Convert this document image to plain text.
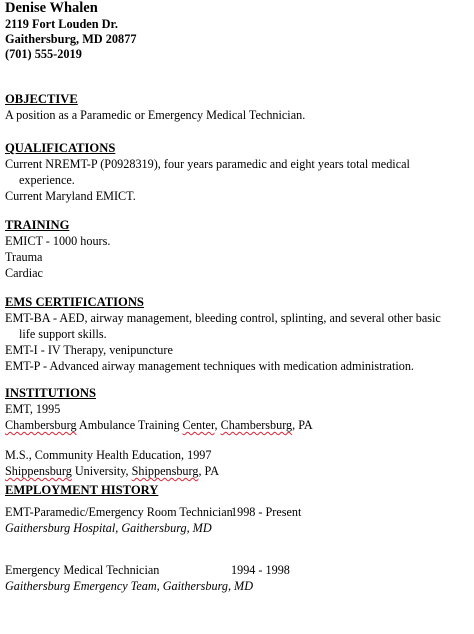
Denise Whalen
2119 Fort Louden Dr.
Gaithersburg, MD 20877
(701) 555-2019
OBJECTIVE
A position as a Paramedic or Emergency Medical Technician.
QUALIFICATIONS
Current NREMT-P (P0928319), four years paramedic and eight years total medical
experience.
Current Maryland EMICT.
TRAINING
EMICT - 1000 hours.
Trauma
Cardiac
EMS CERTIFICATIONS
EMT-BA - AED, airway management, bleeding control, splinting, and several other basic
life support skills.
EMT-I - IV Therapy, venipuncture
EMT-P - Advanced airway management techniques with medication administration.
INSTITUTIONS
EMT, 1995
Chambersburg Ambulance Training Center, Chambersburg, PA
M.S., Community Health Education, 1997
Shippensburg University, Shippensburg, PA
EMPLOYMENT HISTORY
EMT-Paramedic/Emergency Room Technician
1998 - Present
Gaithersburg Hospital, Gaithersburg, MD
Emergency Medical Technician	1994 - 1998
Gaithersburg Emergency Team, Gaithersburg, MD
